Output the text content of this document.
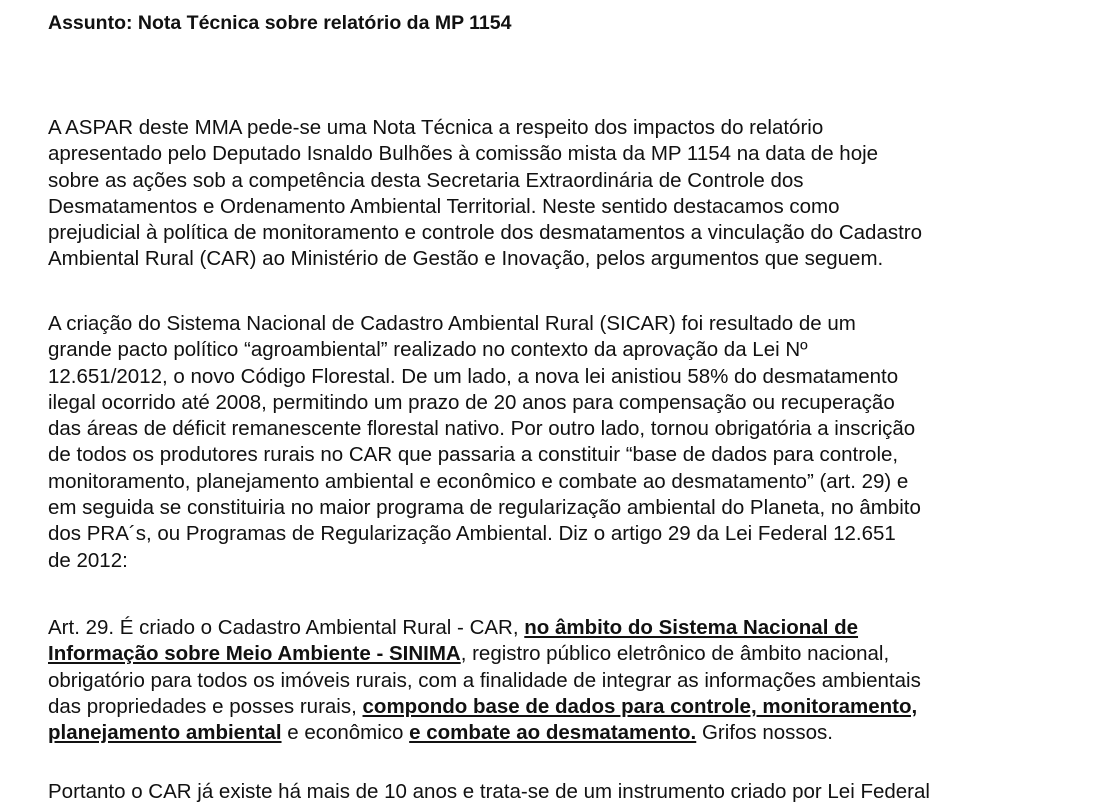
Assunto: Nota Técnica sobre relatório da MP 1154
A ASPAR deste MMA pede-se uma Nota Técnica a respeito dos impactos do relatório
apresentado pelo Deputado Isnaldo Bulhões à comissão mista da MP 1154 na data de hoje
sobre as ações sob a competência desta Secretaria Extraordinária de Controle dos
Desmatamentos e Ordenamento Ambiental Territorial. Neste sentido destacamos como
prejudicial à política de monitoramento e controle dos desmatamentos a vinculação do Cadastro
Ambiental Rural (CAR) ao Ministério de Gestão e Inovação, pelos argumentos que seguem.
A criação do Sistema Nacional de Cadastro Ambiental Rural (SICAR) foi resultado de um
grande pacto político “agroambiental” realizado no contexto da aprovação da Lei Nº
12.651/2012, o novo Código Florestal. De um lado, a nova lei anistiou 58% do desmatamento
ilegal ocorrido até 2008, permitindo um prazo de 20 anos para compensação ou recuperação
das áreas de déficit remanescente florestal nativo. Por outro lado, tornou obrigatória a inscrição
de todos os produtores rurais no CAR que passaria a constituir “base de dados para controle,
monitoramento, planejamento ambiental e econômico e combate ao desmatamento” (art. 29) e
em seguida se constituiria no maior programa de regularização ambiental do Planeta, no âmbito
dos PRA´s, ou Programas de Regularização Ambiental. Diz o artigo 29 da Lei Federal 12.651
de 2012:
Art. 29. É criado o Cadastro Ambiental Rural - CAR, no âmbito do Sistema Nacional de
Informação sobre Meio Ambiente - SINIMA, registro público eletrônico de âmbito nacional,
obrigatório para todos os imóveis rurais, com a finalidade de integrar as informações ambientais
das propriedades e posses rurais, compondo base de dados para controle, monitoramento,
planejamento ambiental e econômico e combate ao desmatamento. Grifos nossos.
Portanto o CAR já existe há mais de 10 anos e trata-se de um instrumento criado por Lei Federal
